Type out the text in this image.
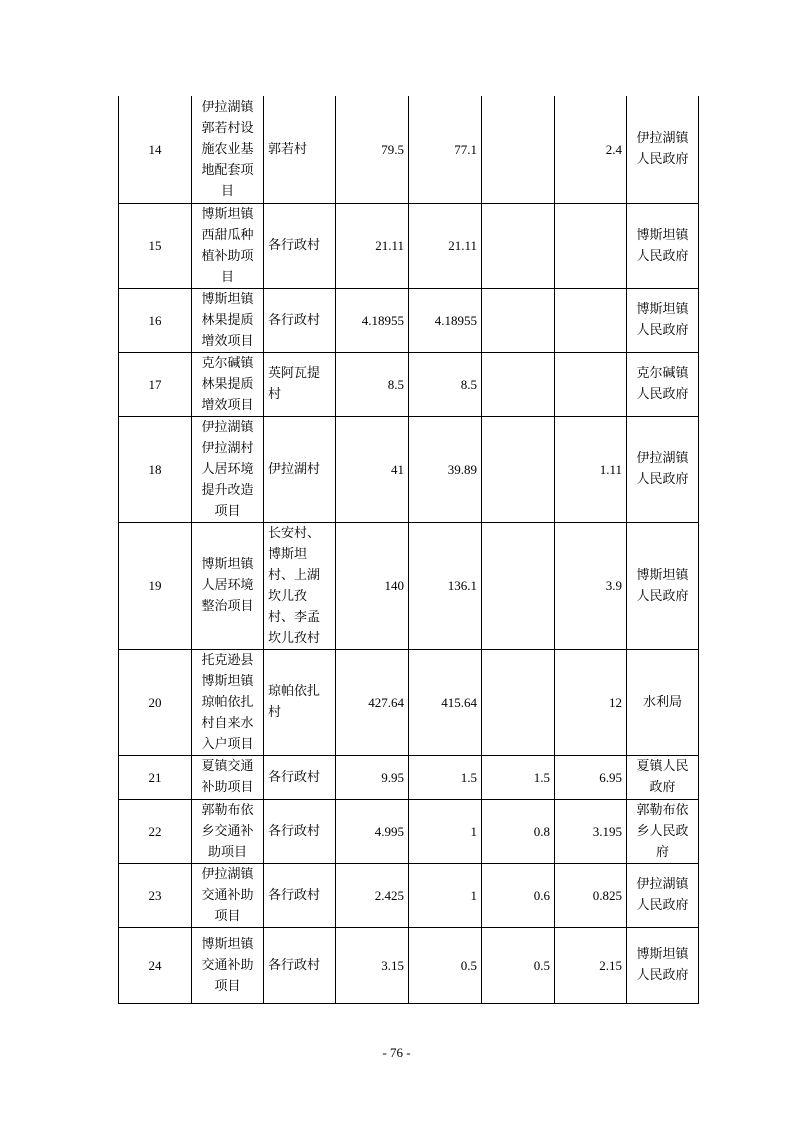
14	伊拉湖镇郭若村设施农业基地配套项目	郭若村	79.5	77.1		2.4	伊拉湖镇人民政府

15	博斯坦镇西甜瓜种植补助项目	各行政村	21.11	21.11			博斯坦镇人民政府

16	博斯坦镇林果提质增效项目	各行政村	4.18955	4.18955			博斯坦镇人民政府

17	克尔碱镇林果提质增效项目	英阿瓦提村	8.5	8.5			克尔碱镇人民政府

18	伊拉湖镇伊拉湖村人居环境提升改造项目	伊拉湖村	41	39.89		1.11	伊拉湖镇人民政府

19	博斯坦镇人居环境整治项目	长安村、博斯坦村、上湖坎儿孜村、李孟坎儿孜村	140	136.1		3.9	博斯坦镇人民政府

20	托克逊县博斯坦镇琼帕依扎村自来水入户项目	琼帕依扎村	427.64	415.64		12	水利局

21	夏镇交通补助项目	各行政村	9.95	1.5	1.5	6.95	夏镇人民政府

22	郭勒布依乡交通补助项目	各行政村	4.995	1	0.8	3.195	郭勒布依乡人民政府

23	伊拉湖镇交通补助项目	各行政村	2.425	1	0.6	0.825	伊拉湖镇人民政府

24	博斯坦镇交通补助项目	各行政村	3.15	0.5	0.5	2.15	博斯坦镇人民政府
- 76 -
